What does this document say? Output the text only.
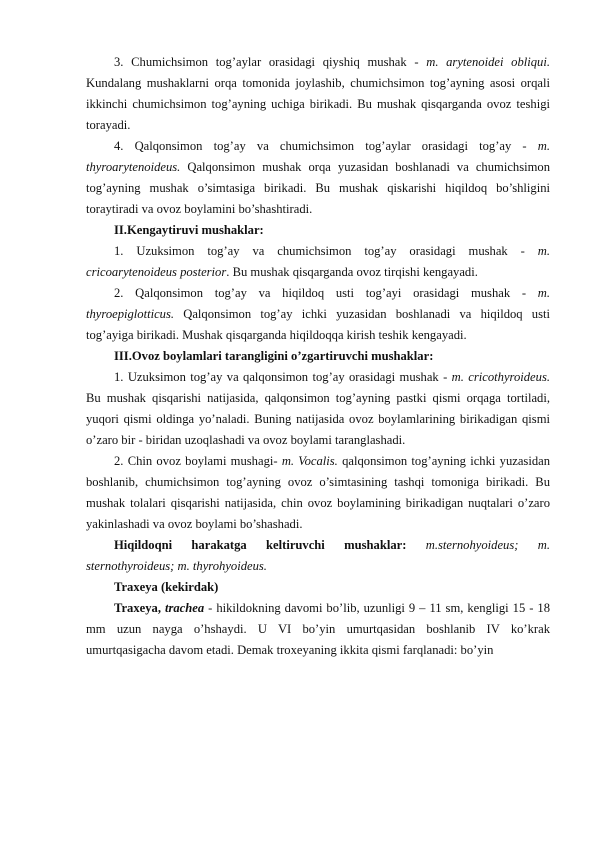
3. Chumichsimon tog’aylar orasidagi qiyshiq mushak - m. arytenoidei obliqui. Kundalang mushaklarni orqa tomonida joylashib, chumichsimon tog’ayning asosi orqali ikkinchi chumichsimon tog’ayning uchiga birikadi. Bu mushak qisqarganda ovoz teshigi torayadi.

4. Qalqonsimon tog’ay va chumichsimon tog’aylar orasidagi tog’ay - m. thyroarytenoideus. Qalqonsimon mushak orqa yuzasidan boshlanadi va chumichsimon tog’ayning mushak o’simtasiga birikadi. Bu mushak qiskarishi hiqildoq bo’shligini toraytiradi va ovoz boylamini bo’shashtiradi.

II.Kengaytiruvi mushaklar:

1. Uzuksimon tog’ay va chumichsimon tog’ay orasidagi mushak - m. cricoarytenoideus posterior. Bu mushak qisqarganda ovoz tirqishi kengayadi.

2. Qalqonsimon tog’ay va hiqildoq usti tog’ayi orasidagi mushak - m. thyroepiglotticus. Qalqonsimon tog’ay ichki yuzasidan boshlanadi va hiqildoq usti tog’ayiga birikadi. Mushak qisqarganda hiqildoqqa kirish teshik kengayadi.

III.Ovoz boylamlari tarangligini o’zgartiruvchi mushaklar:

1. Uzuksimon tog’ay va qalqonsimon tog’ay orasidagi mushak - m. cricothyroideus. Bu mushak qisqarishi natijasida, qalqonsimon tog’ayning pastki qismi orqaga tortiladi, yuqori qismi oldinga yo’naladi. Buning natijasida ovoz boylamlarining birikadigan qismi o’zaro bir - biridan uzoqlashadi va ovoz boylami taranglashadi.

2. Chin ovoz boylami mushagi- m. Vocalis. qalqonsimon tog’ayning ichki yuzasidan boshlanib, chumichsimon tog’ayning ovoz o’simtasining tashqi tomoniga birikadi. Bu mushak tolalari qisqarishi natijasida, chin ovoz boylamining birikadigan nuqtalari o’zaro yakinlashadi va ovoz boylami bo’shashadi.

Hiqildoqni harakatga keltiruvchi mushaklar: m.sternohyoideus; m. sternothyroideus; m. thyrohyoideus.

Traxeya (kekirdak)

Traxeya, trachea - hikildokning davomi bo’lib, uzunligi 9 – 11 sm, kengligi 15 - 18 mm uzun nayga o’hshaydi. U VI bo’yin umurtqasidan boshlanib IV ko’krak umurtqasigacha davom etadi. Demak troxeyaning ikkita qismi farqlanadi: bo’yin
